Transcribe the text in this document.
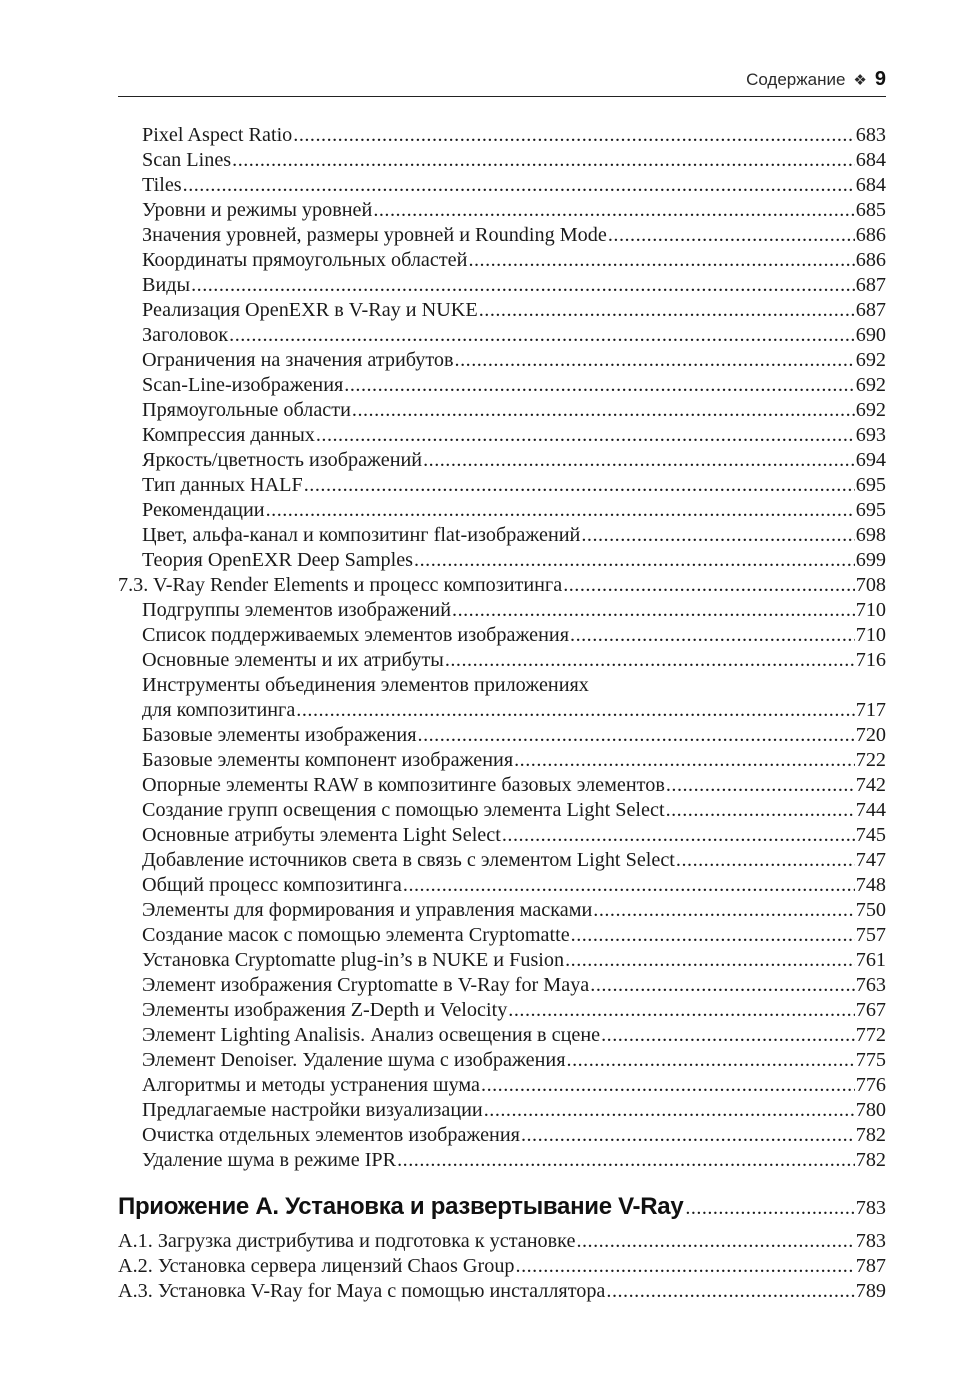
Содержание ❖ 9
Pixel Aspect Ratio .....	683
Scan Lines .....	684
Tiles .....	684
Уровни и режимы уровней .....	685
Значения уровней, размеры уровней и Rounding Mode .....	686
Координаты прямоугольных областей .....	686
Виды .....	687
Реализация OpenEXR в V-Ray и NUKE .....	687
Заголовок .....	690
Ограничения на значения атрибутов .....	692
Scan-Line-изображения .....	692
Прямоугольные области .....	692
Компрессия данных .....	693
Яркость/цветность изображений .....	694
Тип данных HALF .....	695
Рекомендации .....	695
Цвет, альфа-канал и композитинг flat-изображений .....	698
Теория OpenEXR Deep Samples .....	699
7.3. V-Ray Render Elements и процесс композитинга .....	708
Подгруппы элементов изображений .....	710
Список поддерживаемых элементов изображения .....	710
Основные элементы и их атрибуты .....	716
Инструменты объединения элементов приложениях
для композитинга .....	717
Базовые элементы изображения .....	720
Базовые элементы компонент изображения .....	722
Опорные элементы RAW в композитинге базовых элементов .....	742
Создание групп освещения с помощью элемента Light Select .....	744
Основные атрибуты элемента Light Select .....	745
Добавление источников света в связь с элементом Light Select .....	747
Общий процесс композитинга .....	748
Элементы для формирования и управления масками .....	750
Создание масок с помощью элемента Cryptomatte .....	757
Установка Cryptomatte plug-in’s в NUKE и Fusion .....	761
Элемент изображения Cryptomatte в V-Ray for Maya .....	763
Элементы изображения Z-Depth и Velocity .....	767
Элемент Lighting Analisis. Анализ освещения в сцене .....	772
Элемент Denoiser. Удаление шума с изображения .....	775
Алгоритмы и методы устранения шума .....	776
Предлагаемые настройки визуализации .....	780
Очистка отдельных элементов изображения .....	782
Удаление шума в режиме IPR .....	782
Приожение А. Установка и развертывание V-Ray .....	783
А.1. Загрузка дистрибутива и подготовка к установке .....	783
А.2. Установка сервера лицензий Chaos Group .....	787
А.3. Установка V-Ray for Maya с помощью инсталлятора .....	789
